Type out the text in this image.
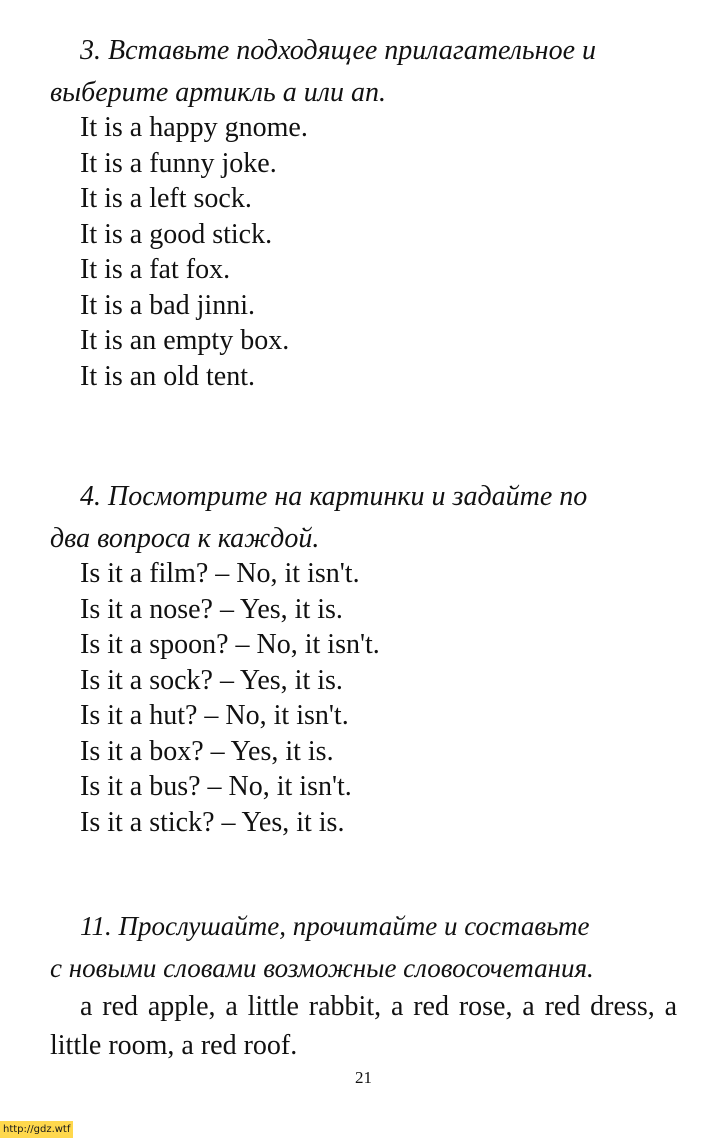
3. Вставьте подходящее прилагательное и
выберите артикль а или an.

It is a happy gnome.
It is a funny joke.
It is a left sock.
It is a good stick.
It is a fat fox.
It is a bad jinni.
It is an empty box.
It is an old tent.

4. Посмотрите на картинки и задайте по
два вопроса к каждой.

Is it a film? – No, it isn't.
Is it a nose? – Yes, it is.
Is it a spoon? – No, it isn't.
Is it a sock? – Yes, it is.
Is it a hut? – No, it isn't.
Is it a box? – Yes, it is.
Is it a bus? – No, it isn't.
Is it a stick? – Yes, it is.

11. Прослушайте, прочитайте и составьте
с новыми словами возможные словосочетания.

a red apple, a little rabbit, a red rose, a red dress, a little room, a red roof.

21
http://gdz.wtf
